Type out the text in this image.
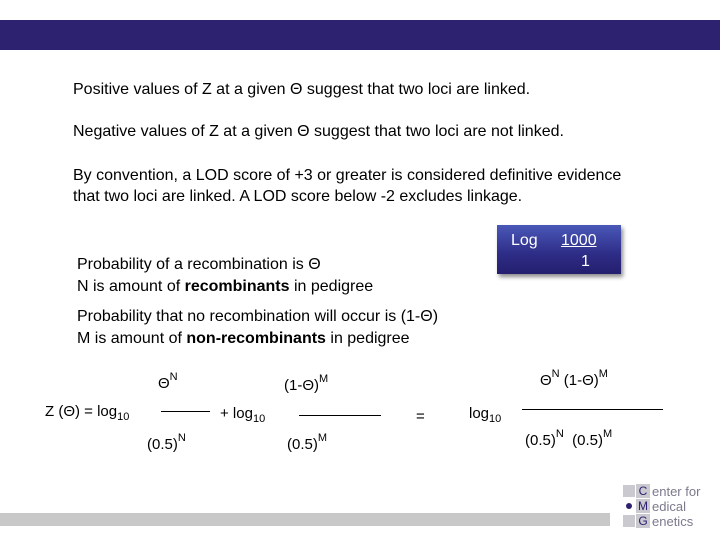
Positive values of Z at a given Θ suggest that two loci are linked.
Negative values of Z at a given Θ suggest that two loci are not linked.
By convention, a LOD score of +3 or greater is considered definitive evidence that two loci are linked. A LOD score below -2 excludes linkage.
Log 1000
1
Probability of a recombination is Θ
N is amount of recombinants in pedigree
Probability that no recombination will occur is (1-Θ)
M is amount of non-recombinants in pedigree
$\Theta^N$
Z $(\Theta) = \log_{10}$
$(0.5)^N$
$(1-\Theta)^M$
+ $\log_{10}$
$(0.5)^M$
=
$\Theta^N$ $(1-\Theta)^M$
$\log_{10}$
$(0.5)^N$ $(0.5)^M$
C enter for
M edical
G enetics
